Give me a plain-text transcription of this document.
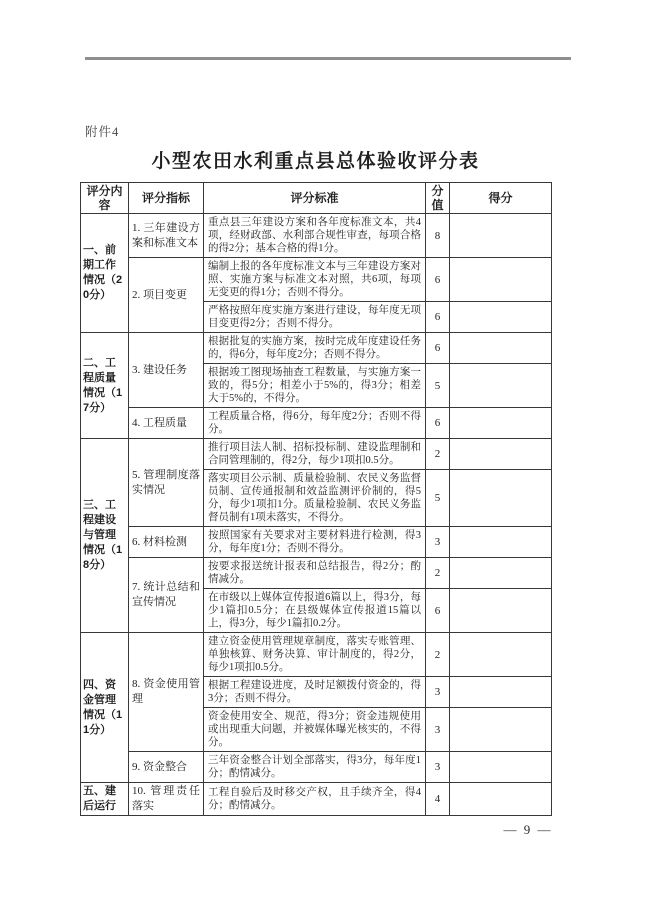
附件4
小型农田水利重点县总体验收评分表
评分内容	评分指标	评分标准	分值	得分
一、前期工作情况（20分）	1. 三年建设方案和标准文本	重点县三年建设方案和各年度标准文本，共4项，经财政部、水利部合规性审查，每项合格的得2分；基本合格的得1分。	8	
	2. 项目变更	编制上报的各年度标准文本与三年建设方案对照、实施方案与标准文本对照，共6项，每项无变更的得1分；否则不得分。	6	
		严格按照年度实施方案进行建设，每年度无项目变更得2分；否则不得分。	6	
二、工程质量情况（17分）	3. 建设任务	根据批复的实施方案，按时完成年度建设任务的，得6分，每年度2分；否则不得分。	6	
		根据竣工图现场抽查工程数量，与实施方案一致的，得5分；相差小于5%的，得3分；相差大于5%的，不得分。	5	
	4. 工程质量	工程质量合格，得6分，每年度2分；否则不得分。	6	
三、工程建设与管理情况（18分）	5. 管理制度落实情况	推行项目法人制、招标投标制、建设监理制和合同管理制的，得2分，每少1项扣0.5分。	2	
		落实项目公示制、质量检验制、农民义务监督员制、宣传通报制和效益监测评价制的，得5分，每少1项扣1分。质量检验制、农民义务监督员制有1项未落实，不得分。	5	
	6. 材料检测	按照国家有关要求对主要材料进行检测，得3分，每年度1分；否则不得分。	3	
	7. 统计总结和宣传情况	按要求报送统计报表和总结报告，得2分；酌情减分。	2	
		在市级以上媒体宣传报道6篇以上，得3分，每少1篇扣0.5分；在县级媒体宣传报道15篇以上，得3分，每少1篇扣0.2分。	6	
四、资金管理情况（11分）	8. 资金使用管理	建立资金使用管理规章制度，落实专账管理、单独核算、财务决算、审计制度的，得2分，每少1项扣0.5分。	2	
		根据工程建设进度，及时足额拨付资金的，得3分；否则不得分。	3	
		资金使用安全、规范，得3分；资金违规使用或出现重大问题，并被媒体曝光核实的，不得分。	3	
	9. 资金整合	三年资金整合计划全部落实，得3分，每年度1分；酌情减分。	3	
五、建后运行	10. 管理责任落实	工程自验后及时移交产权，且手续齐全，得4分；酌情减分。	4	
— 9 —
